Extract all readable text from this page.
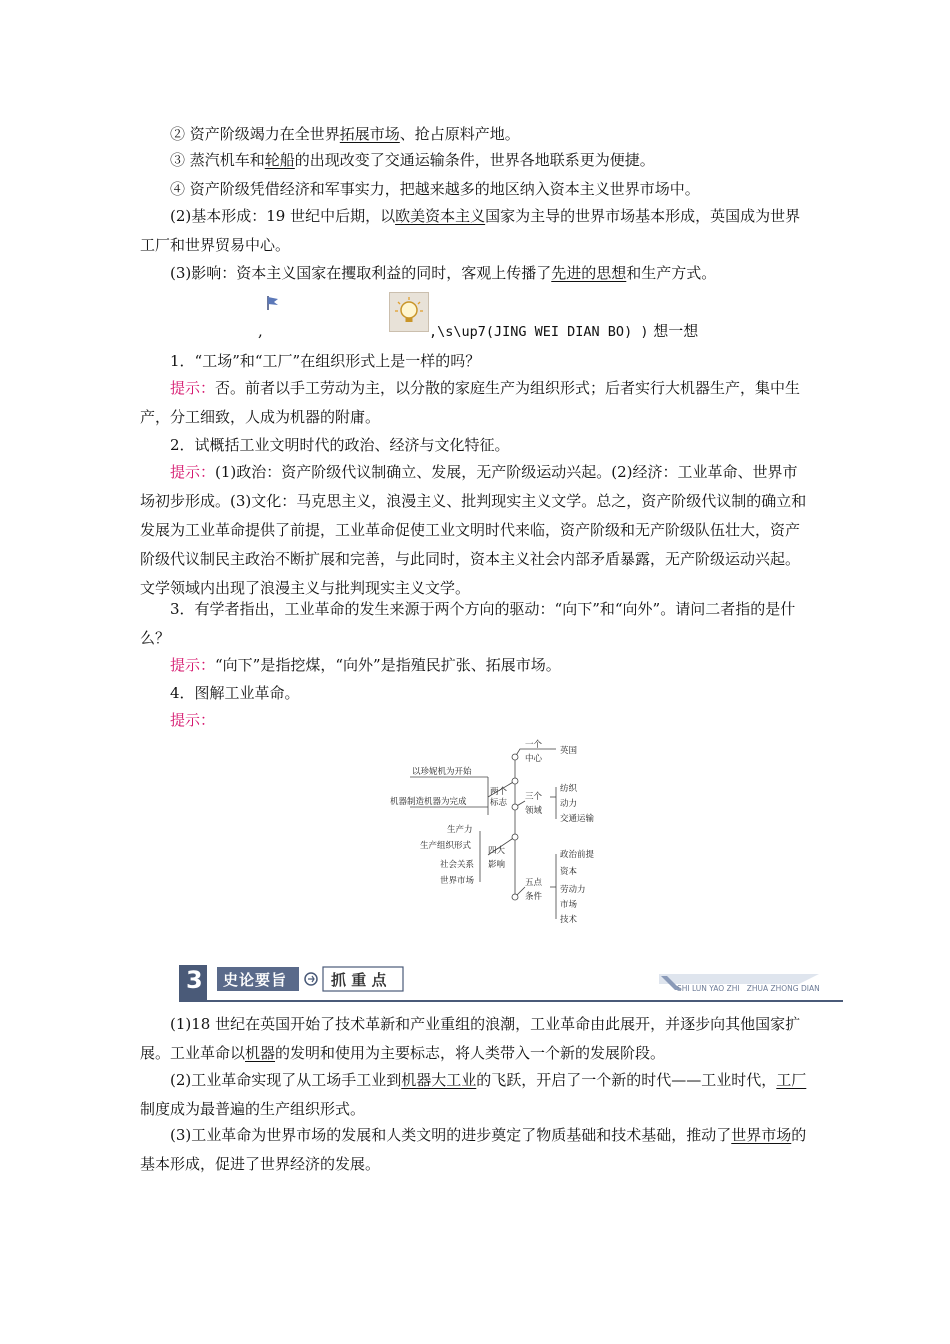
② 资产阶级竭力在全世界拓展市场、抢占原料产地。
③ 蒸汽机车和轮船的出现改变了交通运输条件，世界各地联系更为便捷。
④ 资产阶级凭借经济和军事实力，把越来越多的地区纳入资本主义世界市场中。
(2)基本形成：19 世纪中后期，以欧美资本主义国家为主导的世界市场基本形成，英国成为世界工厂和世界贸易中心。
(3)影响：资本主义国家在攫取利益的同时，客观上传播了先进的思想和生产方式。
,	,\s\up7(JING WEI DIAN BO) ) 想一想
1．“工场”和“工厂”在组织形式上是一样的吗？
提示：否。前者以手工劳动为主，以分散的家庭生产为组织形式；后者实行大机器生产，集中生产，分工细致，人成为机器的附庸。
2．试概括工业文明时代的政治、经济与文化特征。
提示：(1)政治：资产阶级代议制确立、发展，无产阶级运动兴起。(2)经济：工业革命、世界市场初步形成。(3)文化：马克思主义，浪漫主义、批判现实主义文学。总之，资产阶级代议制的确立和发展为工业革命提供了前提，工业革命促使工业文明时代来临，资产阶级和无产阶级队伍壮大，资产阶级代议制民主政治不断扩展和完善，与此同时，资本主义社会内部矛盾暴露，无产阶级运动兴起。文学领域内出现了浪漫主义与批判现实主义文学。
3．有学者指出，工业革命的发生来源于两个方向的驱动：“向下”和“向外”。请问二者指的是什么？
提示：“向下”是指挖煤，“向外”是指殖民扩张、拓展市场。
4．图解工业革命。
提示：
一个
中心
英国
以珍妮机为开始
机器制造机器为完成
两个
标志
三个
领域
纺织
动力
交通运输
生产力
生产组织形式
社会关系
世界市场
四大
影响
五点
条件
政治前提
资本
劳动力
市场
技术
3 史论要旨	抓 重 点	SHI LUN YAO ZHI   ZHUA ZHONG DIAN
(1)18 世纪在英国开始了技术革新和产业重组的浪潮，工业革命由此展开，并逐步向其他国家扩展。工业革命以机器的发明和使用为主要标志，将人类带入一个新的发展阶段。
(2)工业革命实现了从工场手工业到机器大工业的飞跃，开启了一个新的时代——工业时代，工厂制度成为最普遍的生产组织形式。
(3)工业革命为世界市场的发展和人类文明的进步奠定了物质基础和技术基础，推动了世界市场的基本形成，促进了世界经济的发展。
